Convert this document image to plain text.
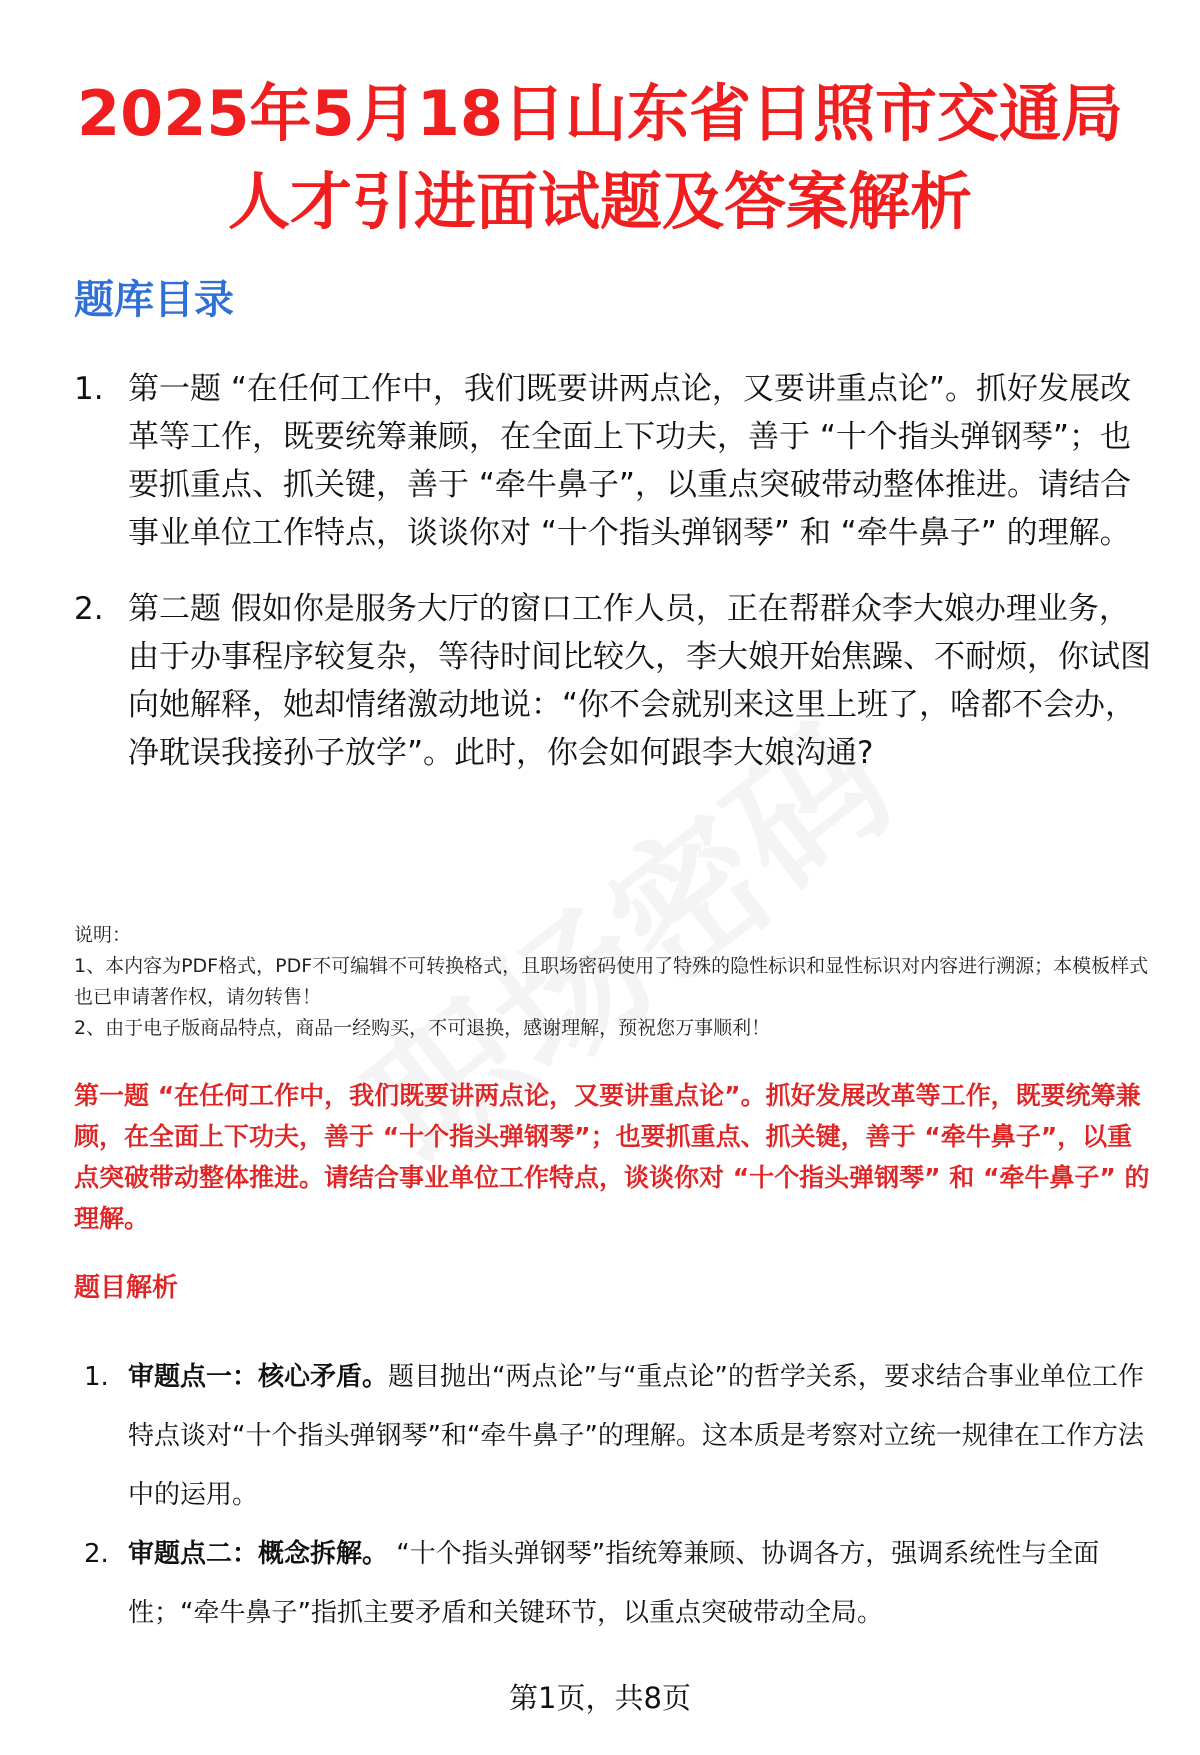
2025年5月18日山东省日照市交通局人才引进面试题及答案解析
题库目录
1. 第一题 “在任何工作中，我们既要讲两点论，又要讲重点论”。抓好发展改革等工作，既要统筹兼顾，在全面上下功夫，善于 “十个指头弹钢琴”；也要抓重点、抓关键，善于 “牵牛鼻子”，以重点突破带动整体推进。请结合事业单位工作特点，谈谈你对 “十个指头弹钢琴” 和 “牵牛鼻子” 的理解。
2. 第二题 假如你是服务大厅的窗口工作人员，正在帮群众李大娘办理业务，由于办事程序较复杂，等待时间比较久，李大娘开始焦躁、不耐烦，你试图向她解释，她却情绪激动地说：“你不会就别来这里上班了，啥都不会办，净耽误我接孙子放学”。此时，你会如何跟李大娘沟通?

说明：

1、本内容为PDF格式，PDF不可编辑不可转换格式，且职场密码使用了特殊的隐性标识和显性标识对内容进行溯源；本模板样式也已申请著作权，请勿转售！

2、由于电子版商品特点，商品一经购买，不可退换，感谢理解，预祝您万事顺利！

第一题 “在任何工作中，我们既要讲两点论，又要讲重点论”。抓好发展改革等工作，既要统筹兼顾，在全面上下功夫，善于 “十个指头弹钢琴”；也要抓重点、抓关键，善于 “牵牛鼻子”，以重点突破带动整体推进。请结合事业单位工作特点，谈谈你对 “十个指头弹钢琴” 和 “牵牛鼻子” 的理解。

题目解析
1. 审题点一：核心矛盾。题目抛出“两点论”与“重点论”的哲学关系，要求结合事业单位工作特点谈对“十个指头弹钢琴”和“牵牛鼻子”的理解。这本质是考察对立统一规律在工作方法中的运用。
2. 审题点二：概念拆解。 “十个指头弹钢琴”指统筹兼顾、协调各方，强调系统性与全面性；“牵牛鼻子”指抓主要矛盾和关键环节，以重点突破带动全局。
第1页，共8页
